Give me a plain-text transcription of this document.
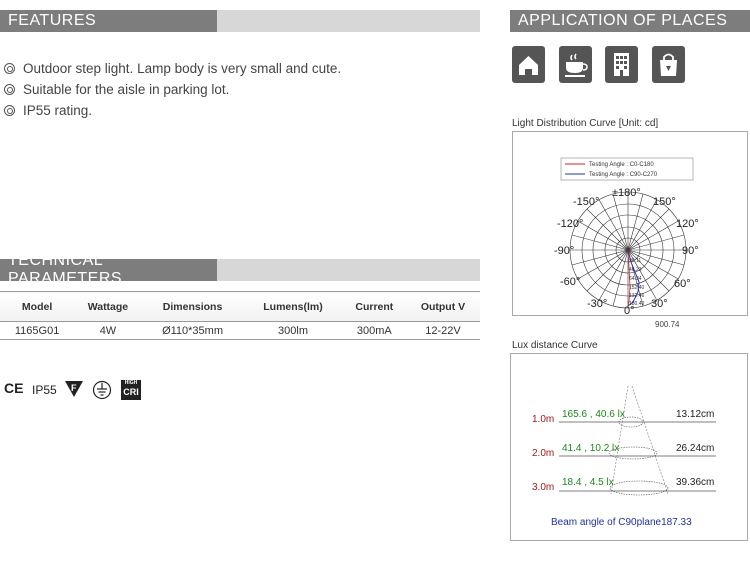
FEATURES
Outdoor step light. Lamp body is very small and cute.
Suitable for the aisle in parking lot.
IP55 rating.
APPLICATION OF PLACES
Light Distribution Curve [Unit: cd]
Testing Angle : C0-C180
Testing Angle : C90-C270
90.11
46.23
64.34
152.40
132.46
180.40
±180°
-150°	150°
-120°	120°
-90°	90°
-60°	60°
-30°	30°
0°
900.74
Lux distance Curve
1.0m 165.6 , 40.6 lx	13.12cm
2.0m 41.4 , 10.2 lx	26.24cm
3.0m 18.4 , 4.5 lx	39.36cm
Beam angle of C90plane187.33
TECHNICAL PARAMETERS
Model	Wattage	Dimensions	Lumens(lm)	Current	Output V
1165G01	4W	Ø110*35mm	300lm	300mA	12-22V
CE IP55 F	HIGH
CRI
